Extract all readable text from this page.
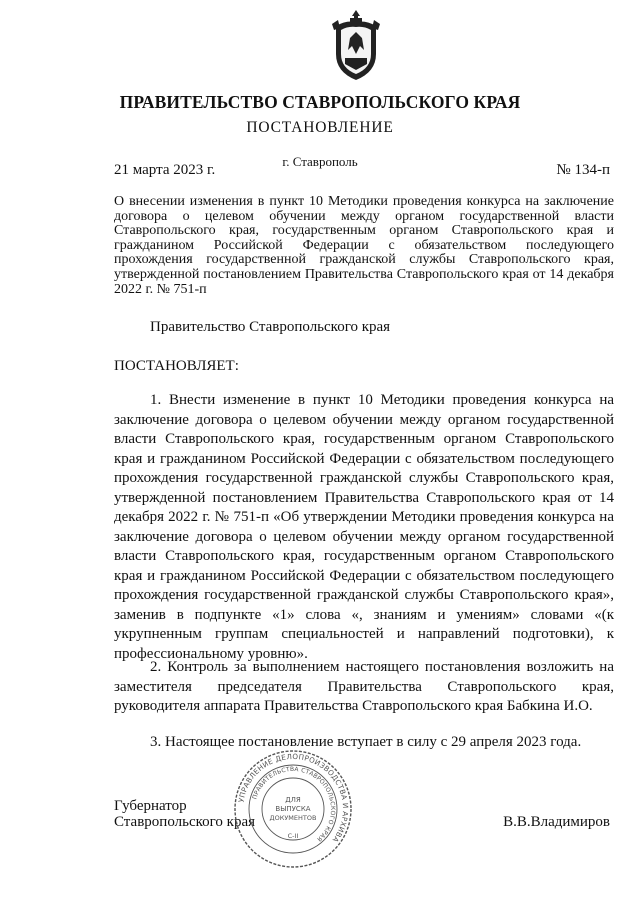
ПРАВИТЕЛЬСТВО СТАВРОПОЛЬСКОГО КРАЯ
ПОСТАНОВЛЕНИЕ
21 марта 2023 г.
г. Ставрополь
№ 134-п
О внесении изменения в пункт 10 Методики проведения конкурса на заключение договора о целевом обучении между органом государственной власти Ставропольского края, государственным органом Ставропольского края и гражданином Российской Федерации с обязательством последующего прохождения государственной гражданской службы Ставропольского края, утвержденной постановлением Правительства Ставропольского края от 14 декабря 2022 г. № 751-п
Правительство Ставропольского края
ПОСТАНОВЛЯЕТ:
1. Внести изменение в пункт 10 Методики проведения конкурса на заключение договора о целевом обучении между органом государственной власти Ставропольского края, государственным органом Ставропольского края и гражданином Российской Федерации с обязательством последующего прохождения государственной гражданской службы Ставропольского края, утвержденной постановлением Правительства Ставропольского края от 14 декабря 2022 г. № 751-п «Об утверждении Методики проведения конкурса на заключение договора о целевом обучении между органом государственной власти Ставропольского края, государственным органом Ставропольского края и гражданином Российской Федерации с обязательством последующего прохождения государственной гражданской службы Ставропольского края», заменив в подпункте «1» слова «, знаниям и умениям» словами «(к укрупненным группам специальностей и направлений подготовки), к профессиональному уровню».
2. Контроль за выполнением настоящего постановления возложить на заместителя председателя Правительства Ставропольского края, руководителя аппарата Правительства Ставропольского края Бабкина И.О.
3. Настоящее постановление вступает в силу с 29 апреля 2023 года.
Губернатор
Ставропольского края	В.В.Владимиров
УПРАВЛЕНИЕ ДЕЛОПРОИЗВОДСТВА И АРХИВА
ПРАВИТЕЛЬСТВА СТАВРОПОЛЬСКОГО КРАЯ
ДЛЯ
ВЫПУСКА
ДОКУМЕНТОВ
С-II
